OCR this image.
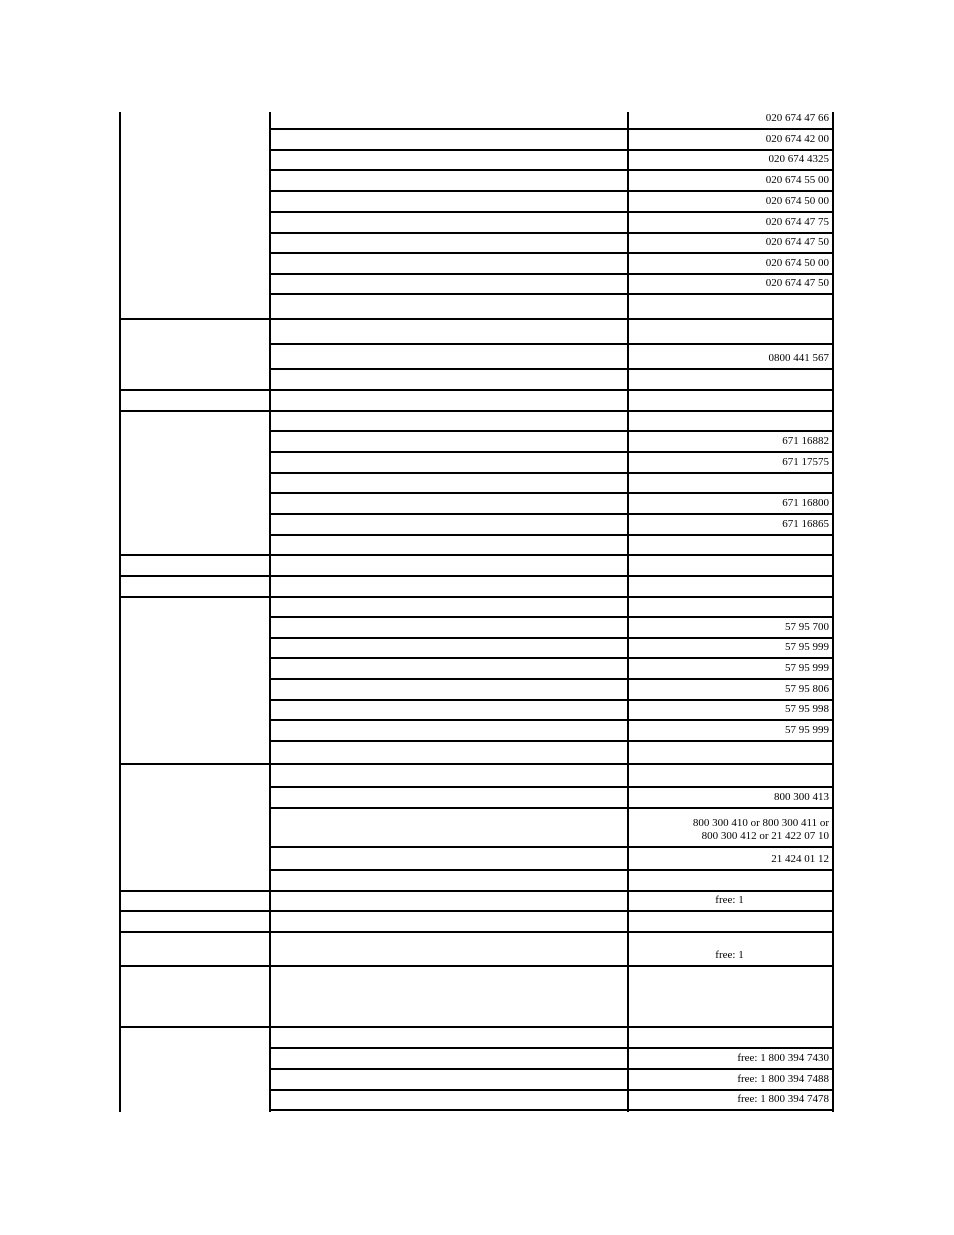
020 674 47 66
020 674 42 00
020 674 4325
020 674 55 00
020 674 50 00
020 674 47 75
020 674 47 50
020 674 50 00
020 674 47 50
0800 441 567
671 16882
671 17575
671 16800
671 16865
57 95 700
57 95 999
57 95 999
57 95 806
57 95 998
57 95 999
800 300 413
800 300 410 or 800 300 411 or
800 300 412 or 21 422 07 10
21 424 01 12
free: 1
free: 1
free: 1 800 394 7430
free: 1 800 394 7488
free: 1 800 394 7478
